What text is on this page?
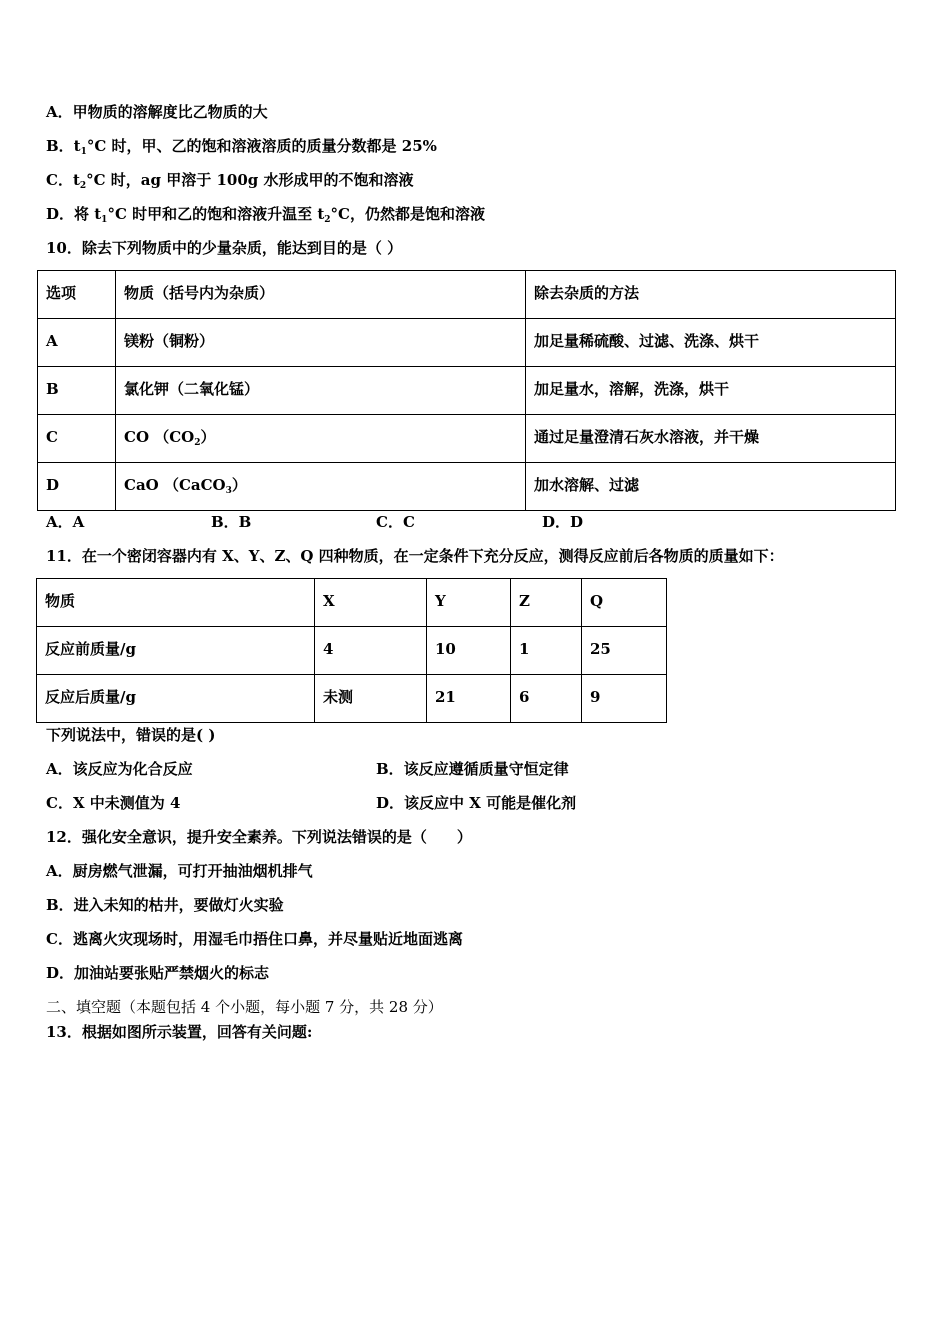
A．甲物质的溶解度比乙物质的大
B．$t_1^\circ C$ 时，甲、乙的饱和溶液溶质的质量分数都是 25%
C．$t_2^\circ C$ 时，ag 甲溶于 100g 水形成甲的不饱和溶液
D．将 $t_1^\circ C$ 时甲和乙的饱和溶液升温至 $t_2^\circ C$，仍然都是饱和溶液
10．除去下列物质中的少量杂质，能达到目的是（ ）
选项	物质（括号内为杂质）	除去杂质的方法
A	镁粉（铜粉）	加足量稀硫酸、过滤、洗涤、烘干
B	氯化钾（二氧化锰）	加足量水，溶解，洗涤，烘干
C	CO $(CO_2)$	通过足量澄清石灰水溶液，并干燥
D	CaO （CaCO$_3$）	加水溶解、过滤
A．A	B．B	C．C	D．D
11．在一个密闭容器内有 X、Y、Z、Q 四种物质，在一定条件下充分反应，测得反应前后各物质的质量如下：
物质	X	Y	Z	Q
反应前质量/g	4	10	1	25
反应后质量/g	未测	21	6	9
下列说法中，错误的是( )
A．该反应为化合反应	B．该反应遵循质量守恒定律
C．X 中未测值为 4	D．该反应中 X 可能是催化剂
12．强化安全意识，提升安全素养。下列说法错误的是（　　）
A．厨房燃气泄漏，可打开抽油烟机排气
B．进入未知的枯井，要做灯火实验
C．逃离火灾现场时，用湿毛巾捂住口鼻，并尽量贴近地面逃离
D．加油站要张贴严禁烟火的标志
二、填空题（本题包括 4 个小题，每小题 7 分，共 28 分）
13．根据如图所示装置，回答有关问题:
